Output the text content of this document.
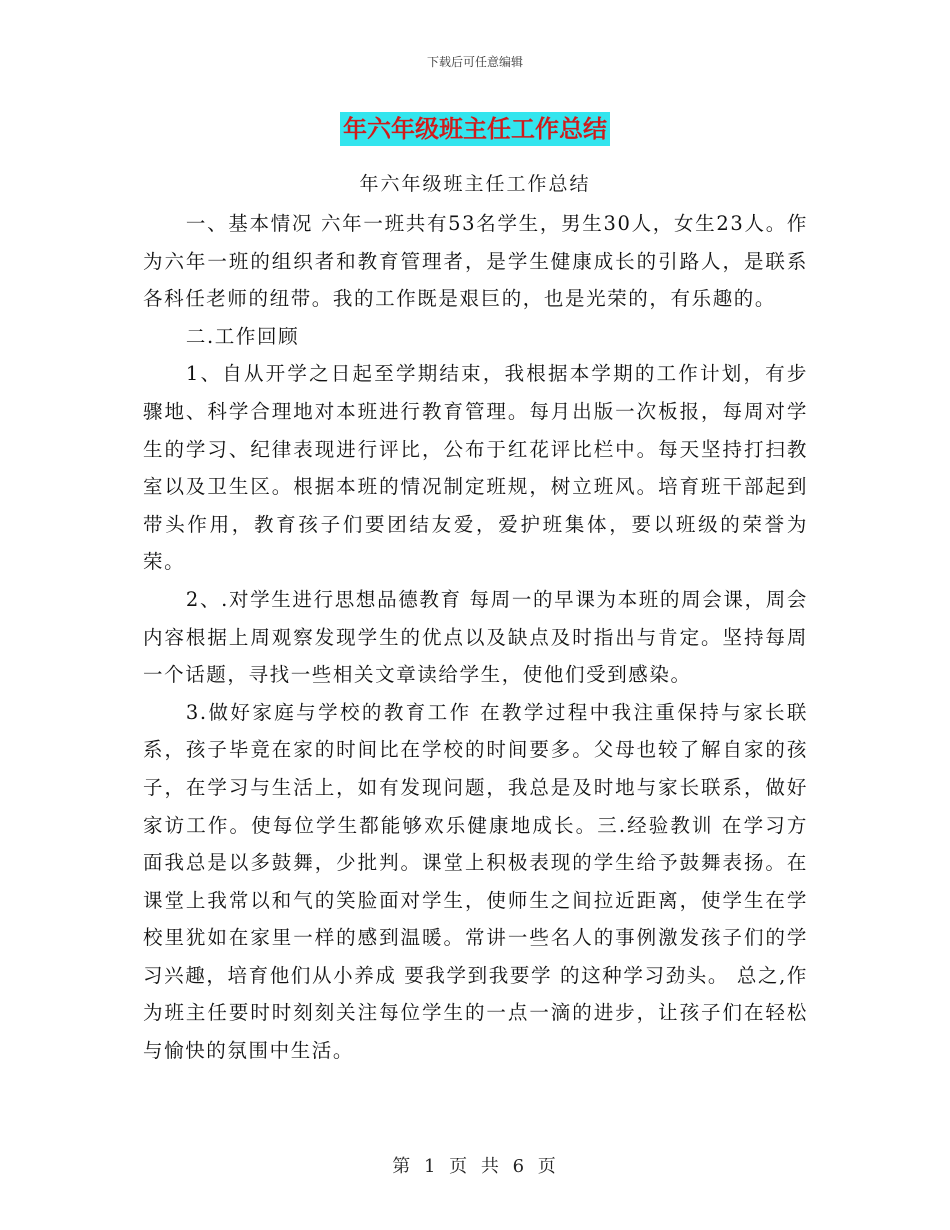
下载后可任意编辑
年六年级班主任工作总结
年六年级班主任工作总结

一、基本情况 六年一班共有53名学生，男生30人，女生23人。作为六年一班的组织者和教育管理者，是学生健康成长的引路人，是联系各科任老师的纽带。我的工作既是艰巨的，也是光荣的，有乐趣的。

二.工作回顾

1、自从开学之日起至学期结束，我根据本学期的工作计划，有步骤地、科学合理地对本班进行教育管理。每月出版一次板报，每周对学生的学习、纪律表现进行评比，公布于红花评比栏中。每天坚持打扫教室以及卫生区。根据本班的情况制定班规，树立班风。培育班干部起到带头作用，教育孩子们要团结友爱，爱护班集体，要以班级的荣誉为荣。

2、.对学生进行思想品德教育 每周一的早课为本班的周会课，周会内容根据上周观察发现学生的优点以及缺点及时指出与肯定。坚持每周一个话题，寻找一些相关文章读给学生，使他们受到感染。

3.做好家庭与学校的教育工作 在教学过程中我注重保持与家长联系，孩子毕竟在家的时间比在学校的时间要多。父母也较了解自家的孩子，在学习与生活上，如有发现问题，我总是及时地与家长联系，做好家访工作。使每位学生都能够欢乐健康地成长。三.经验教训 在学习方面我总是以多鼓舞，少批判。课堂上积极表现的学生给予鼓舞表扬。在课堂上我常以和气的笑脸面对学生，使师生之间拉近距离，使学生在学校里犹如在家里一样的感到温暖。常讲一些名人的事例激发孩子们的学习兴趣，培育他们从小养成 要我学到我要学 的这种学习劲头。 总之,作为班主任要时时刻刻关注每位学生的一点一滴的进步，让孩子们在轻松与愉快的氛围中生活。

第 1 页 共 6 页
